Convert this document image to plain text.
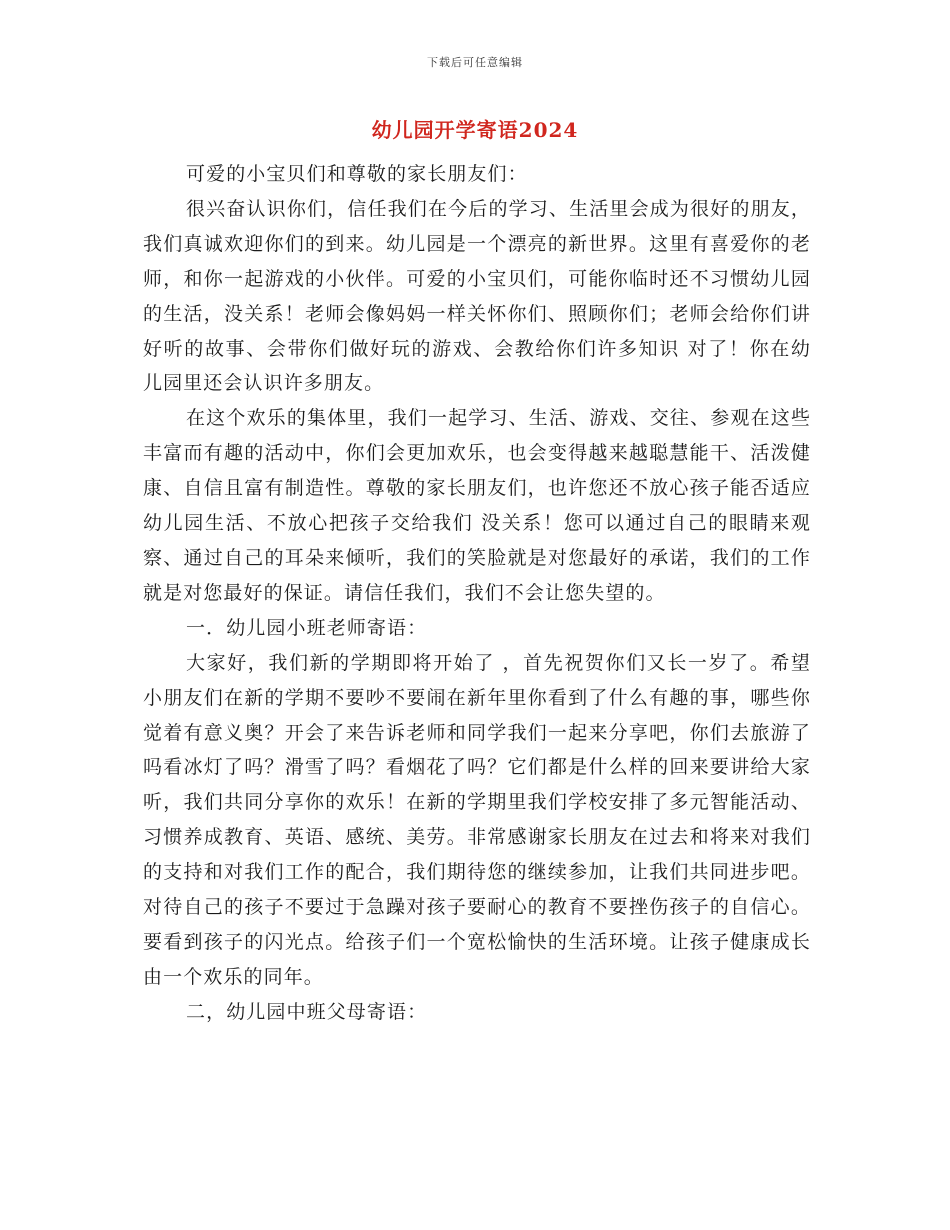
下载后可任意编辑
幼儿园开学寄语2024

可爱的小宝贝们和尊敬的家长朋友们：

很兴奋认识你们，信任我们在今后的学习、生活里会成为很好的朋友，我们真诚欢迎你们的到来。幼儿园是一个漂亮的新世界。这里有喜爱你的老师，和你一起游戏的小伙伴。可爱的小宝贝们，可能你临时还不习惯幼儿园的生活，没关系！老师会像妈妈一样关怀你们、照顾你们；老师会给你们讲好听的故事、会带你们做好玩的游戏、会教给你们许多知识 对了！你在幼儿园里还会认识许多朋友。

在这个欢乐的集体里，我们一起学习、生活、游戏、交往、参观在这些丰富而有趣的活动中，你们会更加欢乐，也会变得越来越聪慧能干、活泼健康、自信且富有制造性。尊敬的家长朋友们，也许您还不放心孩子能否适应幼儿园生活、不放心把孩子交给我们 没关系！您可以通过自己的眼睛来观察、通过自己的耳朵来倾听，我们的笑脸就是对您最好的承诺，我们的工作就是对您最好的保证。请信任我们，我们不会让您失望的。

一．幼儿园小班老师寄语：

大家好，我们新的学期即将开始了 ，首先祝贺你们又长一岁了。希望小朋友们在新的学期不要吵不要闹在新年里你看到了什么有趣的事，哪些你觉着有意义奥？开会了来告诉老师和同学我们一起来分享吧，你们去旅游了吗看冰灯了吗？滑雪了吗？看烟花了吗？它们都是什么样的回来要讲给大家听，我们共同分享你的欢乐！在新的学期里我们学校安排了多元智能活动、习惯养成教育、英语、感统、美劳。非常感谢家长朋友在过去和将来对我们的支持和对我们工作的配合，我们期待您的继续参加，让我们共同进步吧。对待自己的孩子不要过于急躁对孩子要耐心的教育不要挫伤孩子的自信心。要看到孩子的闪光点。给孩子们一个宽松愉快的生活环境。让孩子健康成长由一个欢乐的同年。

二，幼儿园中班父母寄语：
